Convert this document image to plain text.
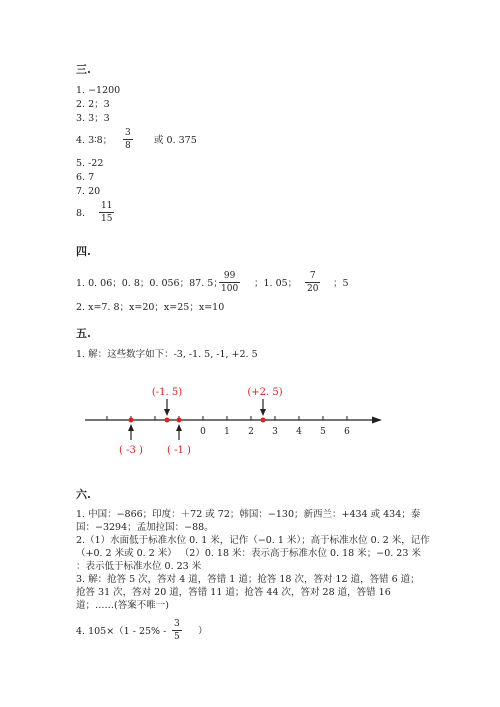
三.
1. −1200
2. 2；3
3. 3；3
4. 3∶8；
3
8 或 0. 375
5. -22
6. 7
7. 20
8.
11
15
四.
1. 0. 06；0. 8；0. 056；87. 5；
99
100 ；1. 05；
7
20 ；5
2. x=7. 8；x=20；x=25；x=10
五.
1. 解：这些数字如下：-3, -1. 5, -1, +2. 5
0 1 2 3 4 5 6
(-1. 5)	(+2. 5)
( -3 ) ( -1 )
六.
1. 中国：−866；印度：＋72 或 72；韩国：−130；新西兰：+434 或 434；泰
国：−3294；孟加拉国：−88。
2.（1）水面低于标准水位 0. 1 米，记作（−0. 1 米）；高于标准水位 0. 2 米，记作
（+0. 2 米或 0. 2 米） （2）0. 18 米：表示高于标准水位 0. 18 米；−0. 23 米
：表示低于标准水位 0. 23 米
3. 解：抢答 5 次，答对 4 道，答错 1 道；抢答 18 次，答对 12 道，答错 6 道；
抢答 31 次，答对 20 道，答错 11 道；抢答 44 次，答对 28 道，答错 16
道；……(答案不唯一)
4. 105×（1 - 25% -
3
5 ）
